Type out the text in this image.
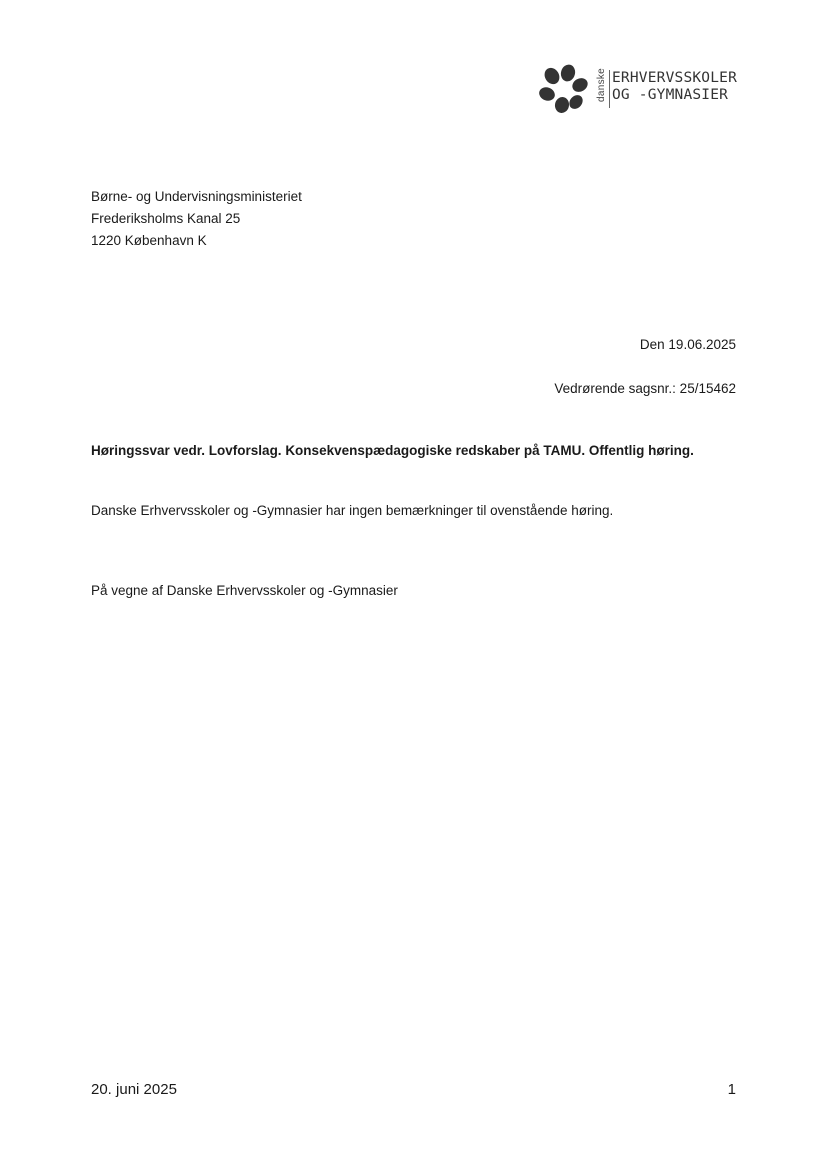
danske ERHVERVSSKOLER
OG -GYMNASIER
Børne- og Undervisningsministeriet
Frederiksholms Kanal 25
1220 København K
Den 19.06.2025
Vedrørende sagsnr.: 25/15462
Høringssvar vedr. Lovforslag. Konsekvenspædagogiske redskaber på TAMU. Offentlig høring.
Danske Erhvervsskoler og -Gymnasier har ingen bemærkninger til ovenstående høring.
På vegne af Danske Erhvervsskoler og -Gymnasier
20. juni 2025	1
